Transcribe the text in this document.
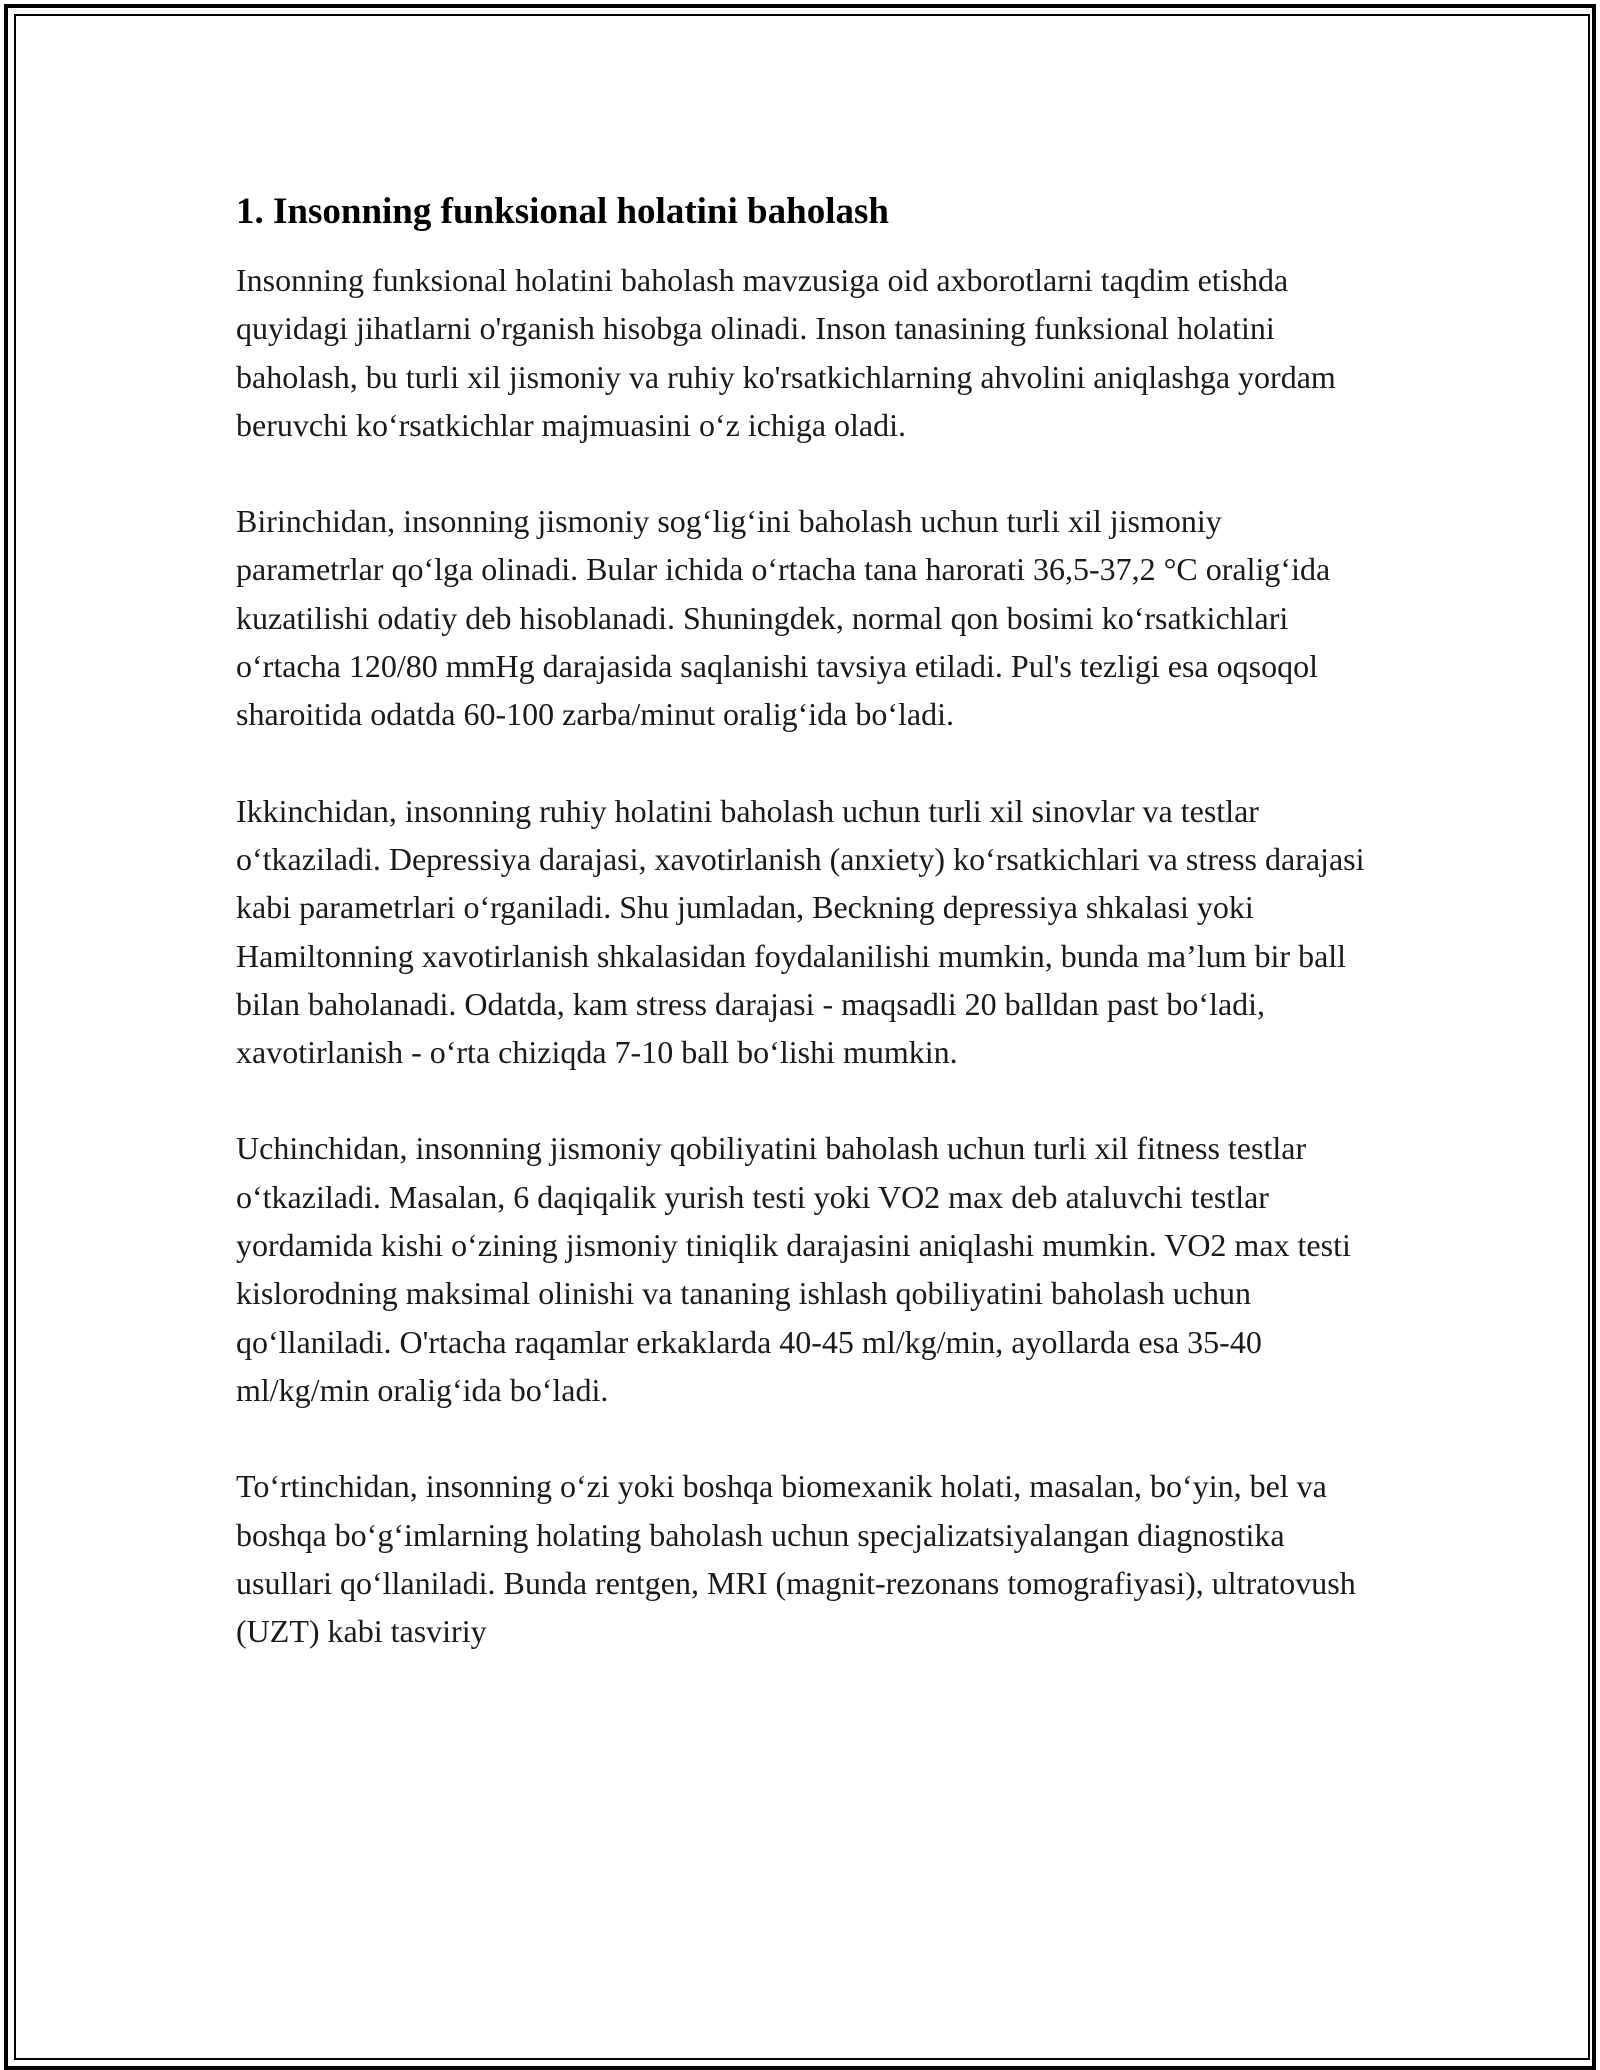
1. Insonning funksional holatini baholash

Insonning funksional holatini baholash mavzusiga oid axborotlarni taqdim etishda quyidagi jihatlarni o'rganish hisobga olinadi. Inson tanasining funksional holatini baholash, bu turli xil jismoniy va ruhiy ko'rsatkichlarning ahvolini aniqlashga yordam beruvchi koʻrsatkichlar majmuasini oʻz ichiga oladi.

Birinchidan, insonning jismoniy sogʻligʻini baholash uchun turli xil jismoniy parametrlar qoʻlga olinadi. Bular ichida oʻrtacha tana harorati 36,5-37,2 °C oraligʻida kuzatilishi odatiy deb hisoblanadi. Shuningdek, normal qon bosimi koʻrsatkichlari oʻrtacha 120/80 mmHg darajasida saqlanishi tavsiya etiladi. Pul's tezligi esa oqsoqol sharoitida odatda 60-100 zarba/minut oraligʻida boʻladi.

Ikkinchidan, insonning ruhiy holatini baholash uchun turli xil sinovlar va testlar oʻtkaziladi. Depressiya darajasi, xavotirlanish (anxiety) koʻrsatkichlari va stress darajasi kabi parametrlari oʻrganiladi. Shu jumladan, Beckning depressiya shkalasi yoki Hamiltonning xavotirlanish shkalasidan foydalanilishi mumkin, bunda maʼlum bir ball bilan baholanadi. Odatda, kam stress darajasi - maqsadli 20 balldan past boʻladi, xavotirlanish - oʻrta chiziqda 7-10 ball boʻlishi mumkin.

Uchinchidan, insonning jismoniy qobiliyatini baholash uchun turli xil fitness testlar oʻtkaziladi. Masalan, 6 daqiqalik yurish testi yoki VO2 max deb ataluvchi testlar yordamida kishi oʻzining jismoniy tiniqlik darajasini aniqlashi mumkin. VO2 max testi kislorodning maksimal olinishi va tananing ishlash qobiliyatini baholash uchun qoʻllaniladi. O'rtacha raqamlar erkaklarda 40-45 ml/kg/min, ayollarda esa 35-40 ml/kg/min oraligʻida boʻladi.

Toʻrtinchidan, insonning oʻzi yoki boshqa biomexanik holati, masalan, boʻyin, bel va boshqa boʻgʻimlarning holating baholash uchun specjalizatsiyalangan diagnostika usullari qoʻllaniladi. Bunda rentgen, MRI (magnit-rezonans tomografiyasi), ultratovush (UZT) kabi tasviriy
